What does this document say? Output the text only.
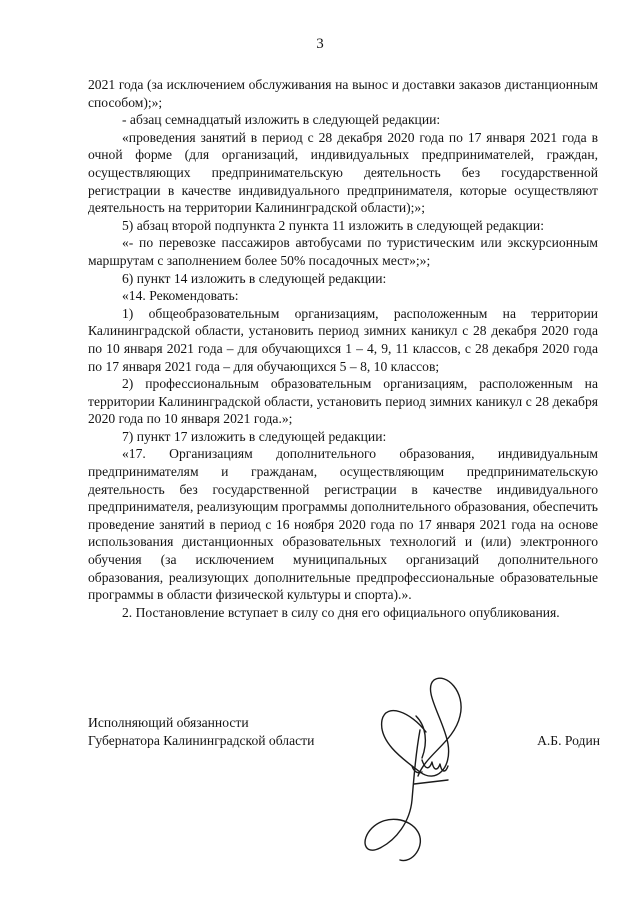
3

2021 года (за исключением обслуживания на вынос и доставки заказов дистанционным способом);»;

- абзац семнадцатый изложить в следующей редакции:

«проведения занятий в период с 28 декабря 2020 года по 17 января 2021 года в очной форме (для организаций, индивидуальных предпринимателей, граждан, осуществляющих предпринимательскую деятельность без государственной регистрации в качестве индивидуального предпринимателя, которые осуществляют деятельность на территории Калининградской области);»;

5) абзац второй подпункта 2 пункта 11 изложить в следующей редакции:

«- по перевозке пассажиров автобусами по туристическим или экскурсионным маршрутам с заполнением более 50% посадочных мест»;»;

6) пункт 14 изложить в следующей редакции:

«14. Рекомендовать:

1) общеобразовательным организациям, расположенным на территории Калининградской области, установить период зимних каникул с 28 декабря 2020 года по 10 января 2021 года – для обучающихся 1 – 4, 9, 11 классов, с 28 декабря 2020 года по 17 января 2021 года – для обучающихся 5 – 8, 10 классов;

2) профессиональным образовательным организациям, расположенным на территории Калининградской области, установить период зимних каникул с 28 декабря 2020 года по 10 января 2021 года.»;

7) пункт 17 изложить в следующей редакции:

«17. Организациям дополнительного образования, индивидуальным предпринимателям и гражданам, осуществляющим предпринимательскую деятельность без государственной регистрации в качестве индивидуального предпринимателя, реализующим программы дополнительного образования, обеспечить проведение занятий в период с 16 ноября 2020 года по 17 января 2021 года на основе использования дистанционных образовательных технологий и (или) электронного обучения (за исключением муниципальных организаций дополнительного образования, реализующих дополнительные предпрофессиональные образовательные программы в области физической культуры и спорта).».

2. Постановление вступает в силу со дня его официального опубликования.

Исполняющий обязанности
Губернатора Калининградской области	А.Б. Родин
